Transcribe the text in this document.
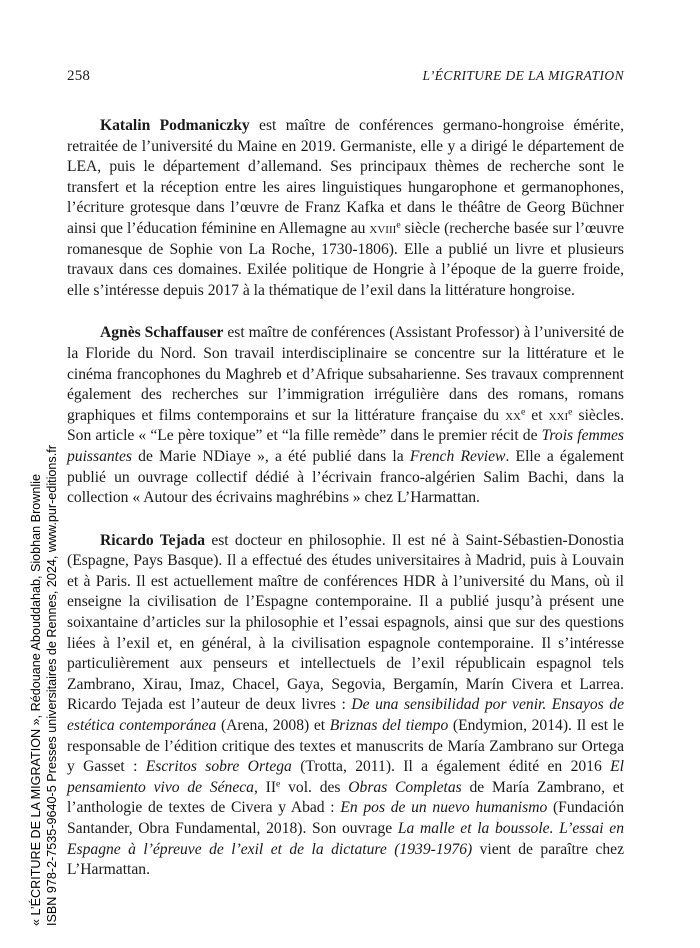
258	L’ÉCRITURE DE LA MIGRATION

Katalin Podmaniczky est maître de conférences germano-hongroise émérite, retraitée de l’université du Maine en 2019. Germaniste, elle y a dirigé le département de LEA, puis le département d’allemand. Ses principaux thèmes de recherche sont le transfert et la réception entre les aires linguistiques hungarophone et germanophones, l’écriture grotesque dans l’œuvre de Franz Kafka et dans le théâtre de Georg Büchner ainsi que l’éducation féminine en Allemagne au xviii$^e$ siècle (recherche basée sur l’œuvre romanesque de Sophie von La Roche, 1730-1806). Elle a publié un livre et plusieurs travaux dans ces domaines. Exilée politique de Hongrie à l’époque de la guerre froide, elle s’intéresse depuis 2017 à la thématique de l’exil dans la littérature hongroise.

Agnès Schaffauser est maître de conférences (Assistant Professor) à l’université de la Floride du Nord. Son travail interdisciplinaire se concentre sur la littérature et le cinéma francophones du Maghreb et d’Afrique subsaharienne. Ses travaux comprennent également des recherches sur l’immigration irrégulière dans des romans, romans graphiques et films contemporains et sur la littérature française du $xx^e$ et xxi$^e$ siècles. Son article « “Le père toxique” et “la fille remède” dans le premier récit de Trois femmes puissantes de Marie NDiaye », a été publié dans la French Review. Elle a également publié un ouvrage collectif dédié à l’écrivain franco-algérien Salim Bachi, dans la collection « Autour des écrivains maghrébins » chez L’Harmattan.

Ricardo Tejada est docteur en philosophie. Il est né à Saint-Sébastien-Donostia (Espagne, Pays Basque). Il a effectué des études universitaires à Madrid, puis à Louvain et à Paris. Il est actuellement maître de conférences HDR à l’université du Mans, où il enseigne la civilisation de l’Espagne contemporaine. Il a publié jusqu’à présent une soixantaine d’articles sur la philosophie et l’essai espagnols, ainsi que sur des questions liées à l’exil et, en général, à la civilisation espagnole contemporaine. Il s’intéresse particulièrement aux penseurs et intellectuels de l’exil républicain espagnol tels Zambrano, Xirau, Imaz, Chacel, Gaya, Segovia, Bergamín, Marín Civera et Larrea. Ricardo Tejada est l’auteur de deux livres : De una sensibilidad por venir. Ensayos de estética contemporánea (Arena, 2008) et Briznas del tiempo (Endymion, 2014). Il est le responsable de l’édition critique des textes et manuscrits de María Zambrano sur Ortega y Gasset : Escritos sobre Ortega (Trotta, 2011). Il a également édité en 2016 El pensamiento vivo de Séneca, IIe vol. des Obras Completas de María Zambrano, et l’anthologie de textes de Civera y Abad : En pos de un nuevo humanismo (Fundación Santander, Obra Fundamental, 2018). Son ouvrage La malle et la boussole. L’essai en Espagne à l’épreuve de l’exil et de la dictature (1939-1976) vient de paraître chez L’Harmattan.

« L’ÉCRITURE DE LA MIGRATION », Rédouane Abouddahab, Siobhan Brownlie ISBN 978-2-7535-9640-5 Presses universitaires de Rennes, 2024, www.pur-editions.fr
